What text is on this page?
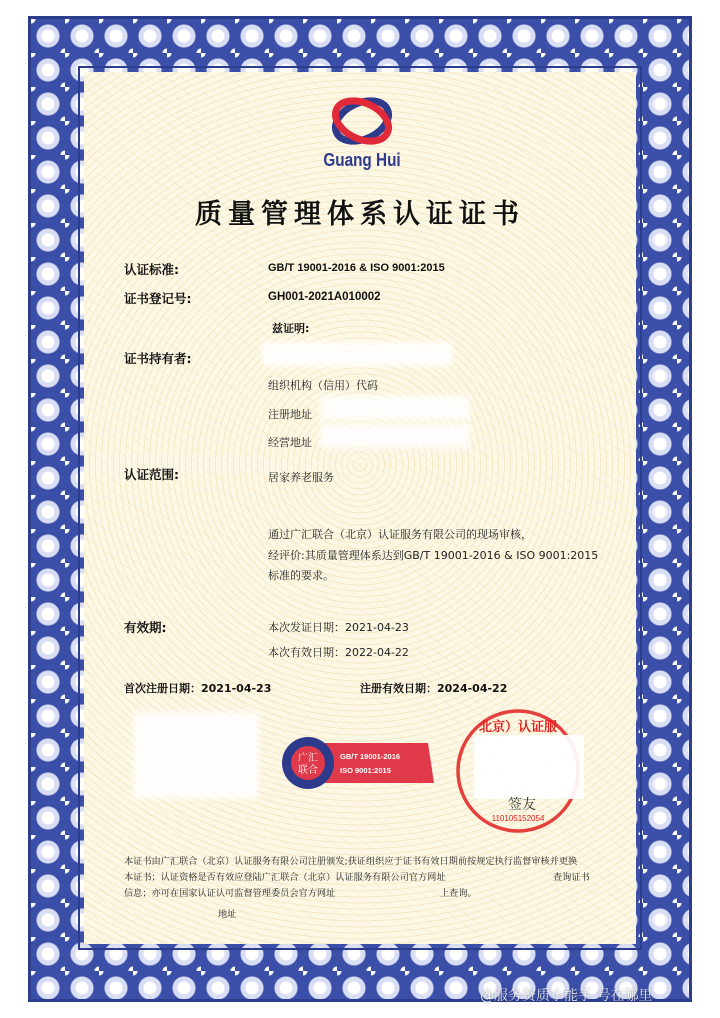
Guang Hui
质量管理体系认证证书
认证标准:	GB/T 19001-2016 & ISO 9001:2015
证书登记号:	GH001-2021A010002
兹证明:
证书持有者:
组织机构（信用）代码
注册地址
经营地址
认证范围:	居家养老服务
通过广汇联合（北京）认证服务有限公司的现场审核，
经评价:其质量管理体系达到GB/T 19001-2016 & ISO 9001:2015
标准的要求。
有效期:	本次发证日期：2021-04-23
本次有效日期：2022-04-22
首次注册日期：2021-04-23	注册有效日期：2024-04-22
广汇
联合
GB/T 19001-2016
ISO 9001:2015
北京）认证服
110105152054
签友
本证书由广汇联合（北京）认证服务有限公司注册颁发;获证组织应于证书有效日期前按规定执行监督审核并更换
本证书；认证资格是否有效应登陆广汇联合（北京）认证服务有限公司官方网址	查询证书
信息；亦可在国家认证认可监督管理委员会官方网址	上查询。
地址
@服务资质小能手 号在哪里
